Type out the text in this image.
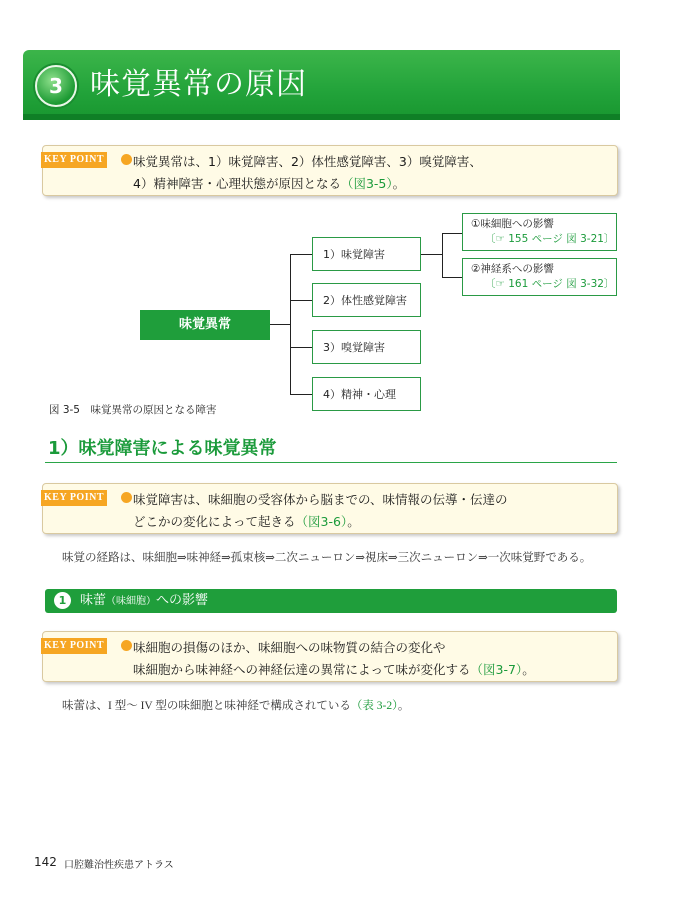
3 味覚異常の原因
KEY POINT 味覚異常は、1）味覚障害、2）体性感覚障害、3）嗅覚障害、
4）精神障害・心理状態が原因となる（図3-5）。
味覚異常
1）味覚障害
2）体性感覚障害
3）嗅覚障害
4）精神・心理
①味細胞への影響
〔☞ 155 ページ 図 3-21〕
②神経系への影響
〔☞ 161 ページ 図 3-32〕
図 3-5　味覚異常の原因となる障害
1）味覚障害による味覚異常
KEY POINT 味覚障害は、味細胞の受容体から脳までの、味情報の伝導・伝達の
どこかの変化によって起きる（図3-6）。
味覚の経路は、味細胞⇒味神経⇒孤束核⇒二次ニューロン⇒視床⇒三次ニューロン⇒一次味覚野である。
1	味蕾（味細胞）への影響
KEY POINT 味細胞の損傷のほか、味細胞への味物質の結合の変化や
味細胞から味神経への神経伝達の異常によって味が変化する（図3-7）。
味蕾は、I 型～ IV 型の味細胞と味神経で構成されている（表 3-2）。
142 口腔難治性疾患アトラス
